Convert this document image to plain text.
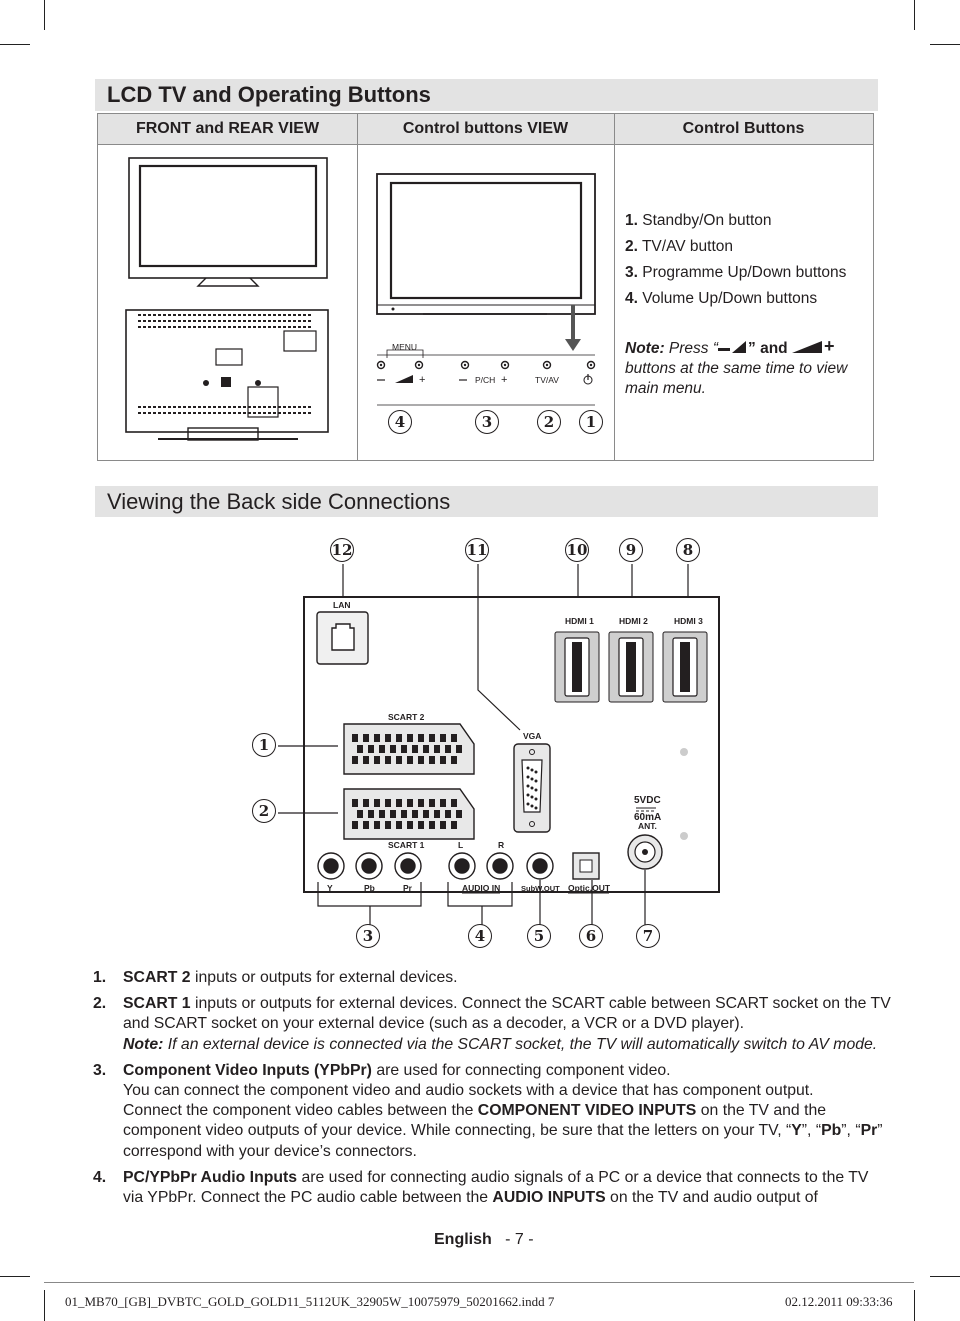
LCD TV and Operating Buttons
FRONT and REAR VIEW	Control buttons VIEW	Control Buttons
MENU
+	P/CH +	TV/AV
4	3	2	1
1. Standby/On button
2. TV/AV button
3. Programme Up/Down buttons
4. Volume Up/Down buttons
Note: Press “ ” and +

buttons at the same time to view main menu.
Viewing the Back side Connections
LAN
HDMI 1	HDMI 2	HDMI 3
SCART 2
SCART 1
VGA
5VDC
60mA
ANT.
L	R
Y	Pb	Pr	AUDIO IN	SubW.OUT Optic.OUT
12	11	10	9	8
1
2
3	4	5	6	7
1. SCART 2 inputs or outputs for external devices.
2. SCART 1 inputs or outputs for external devices. Connect the SCART cable between SCART socket on the TV and SCART socket on your external device (such as a decoder, a VCR or a DVD player).
Note: If an external device is connected via the SCART socket, the TV will automatically switch to AV mode.
3. Component Video Inputs (YPbPr) are used for connecting component video.
You can connect the component video and audio sockets with a device that has component output.
Connect the component video cables between the COMPONENT VIDEO INPUTS on the TV and the component video outputs of your device. While connecting, be sure that the letters on your TV, “Y”, “Pb”, “Pr” correspond with your device’s connectors.
4. PC/YPbPr Audio Inputs are used for connecting audio signals of a PC or a device that connects to the TV via YPbPr. Connect the PC audio cable between the AUDIO INPUTS on the TV and audio output of
English - 7 -
01_MB70_[GB]_DVBTC_GOLD_GOLD11_5112UK_32905W_10075979_50201662.indd 7	02.12.2011 09:33:36
